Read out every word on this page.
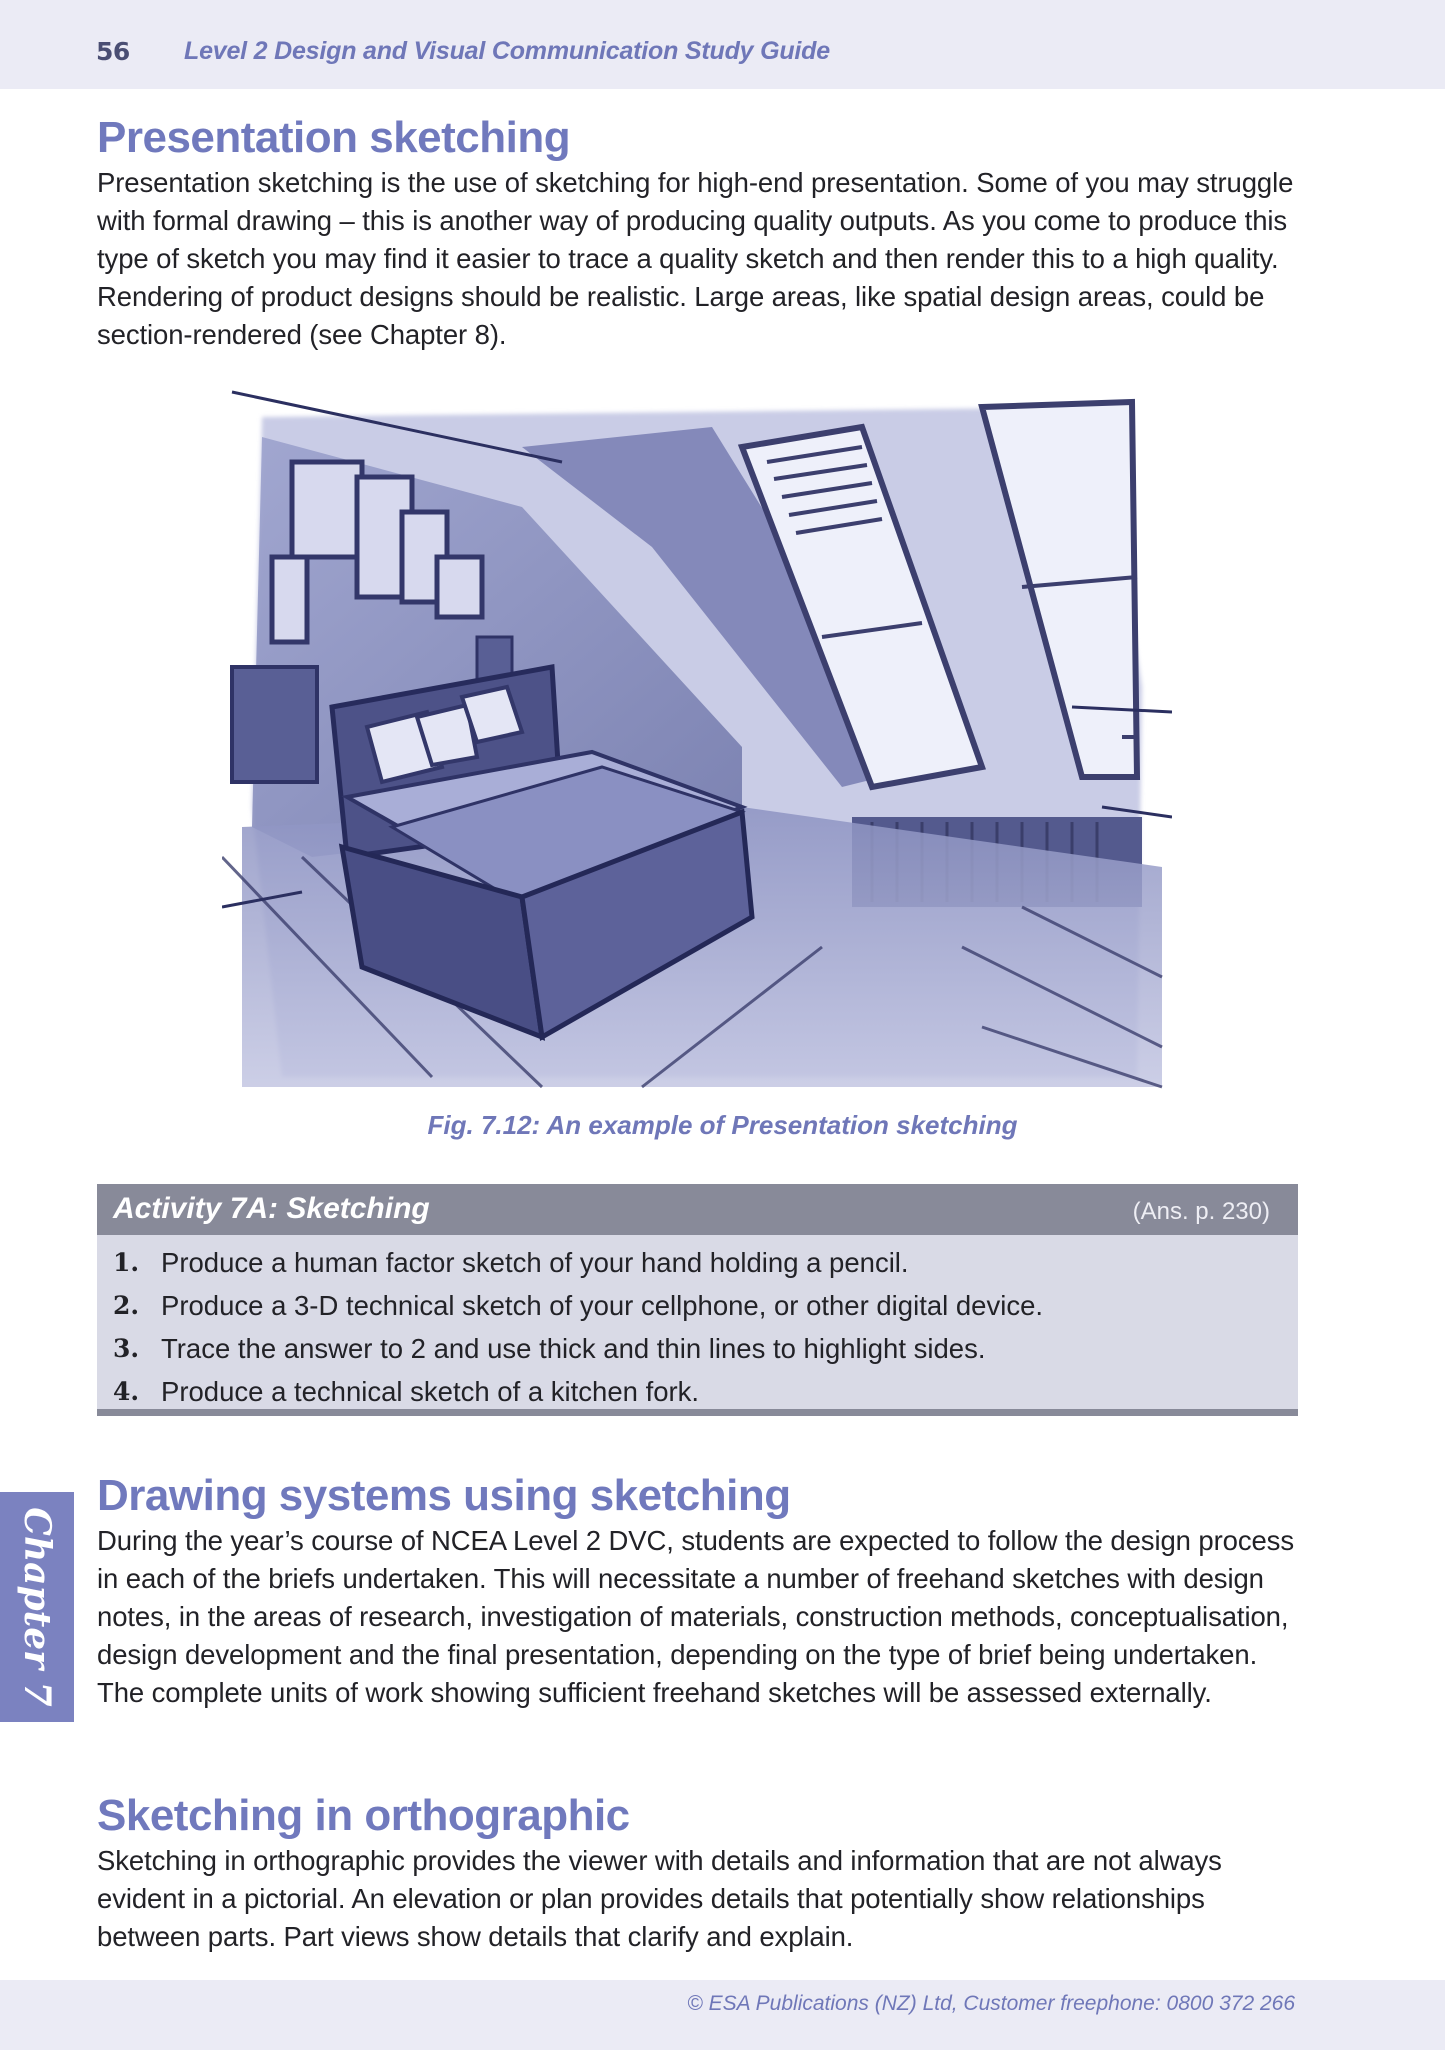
56 Level 2 Design and Visual Communication Study Guide
Presentation sketching

Presentation sketching is the use of sketching for high-end presentation. Some of you may struggle with formal drawing – this is another way of producing quality outputs. As you come to produce this type of sketch you may find it easier to trace a quality sketch and then render this to a high quality. Rendering of product designs should be realistic. Large areas, like spatial design areas, could be section-rendered (see Chapter 8).

Fig. 7.12: An example of Presentation sketching
Activity 7A: Sketching	(Ans. p. 230)
1. Produce a human factor sketch of your hand holding a pencil.
2. Produce a 3-D technical sketch of your cellphone, or other digital device.
3. Trace the answer to 2 and use thick and thin lines to highlight sides.
4. Produce a technical sketch of a kitchen fork.
Chapter 7
Drawing systems using sketching

During the year’s course of NCEA Level 2 DVC, students are expected to follow the design process in each of the briefs undertaken. This will necessitate a number of freehand sketches with design notes, in the areas of research, investigation of materials, construction methods, conceptualisation, design development and the final presentation, depending on the type of brief being undertaken. The complete units of work showing sufficient freehand sketches will be assessed externally.

Sketching in orthographic

Sketching in orthographic provides the viewer with details and information that are not always evident in a pictorial. An elevation or plan provides details that potentially show relationships between parts. Part views show details that clarify and explain.

© ESA Publications (NZ) Ltd, Customer freephone: 0800 372 266
